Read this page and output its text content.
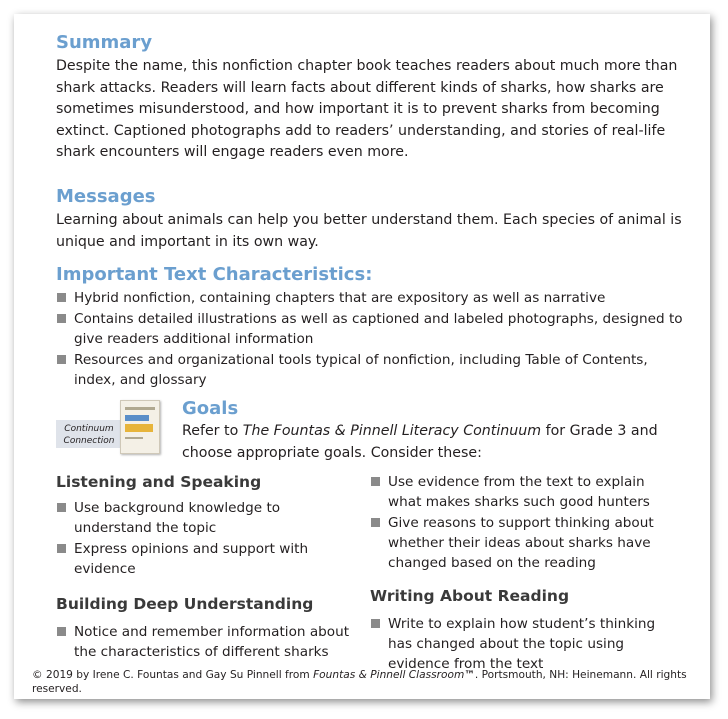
Summary

Despite the name, this nonfiction chapter book teaches readers about much more than shark attacks. Readers will learn facts about different kinds of sharks, how sharks are sometimes misunderstood, and how important it is to prevent sharks from becoming extinct. Captioned photographs add to readers’ understanding, and stories of real-life shark encounters will engage readers even more.

Messages

Learning about animals can help you better understand them. Each species of animal is unique and important in its own way.

Important Text Characteristics:
Hybrid nonfiction, containing chapters that are expository as well as narrative
Contains detailed illustrations as well as captioned and labeled photographs, designed to give readers additional information
Resources and organizational tools typical of nonfiction, including Table of Contents, index, and glossary
Continuum
Connection
Goals

Refer to The Fountas & Pinnell Literacy Continuum for Grade 3 and choose appropriate goals. Consider these:

Listening and Speaking
Use background knowledge to understand the topic
Express opinions and support with evidence
Building Deep Understanding
Notice and remember information about the characteristics of different sharks
Use evidence from the text to explain what makes sharks such good hunters
Give reasons to support thinking about whether their ideas about sharks have changed based on the reading
Writing About Reading
Write to explain how student’s thinking has changed about the topic using evidence from the text
© 2019 by Irene C. Fountas and Gay Su Pinnell from Fountas & Pinnell Classroom™. Portsmouth, NH: Heinemann. All rights reserved.
